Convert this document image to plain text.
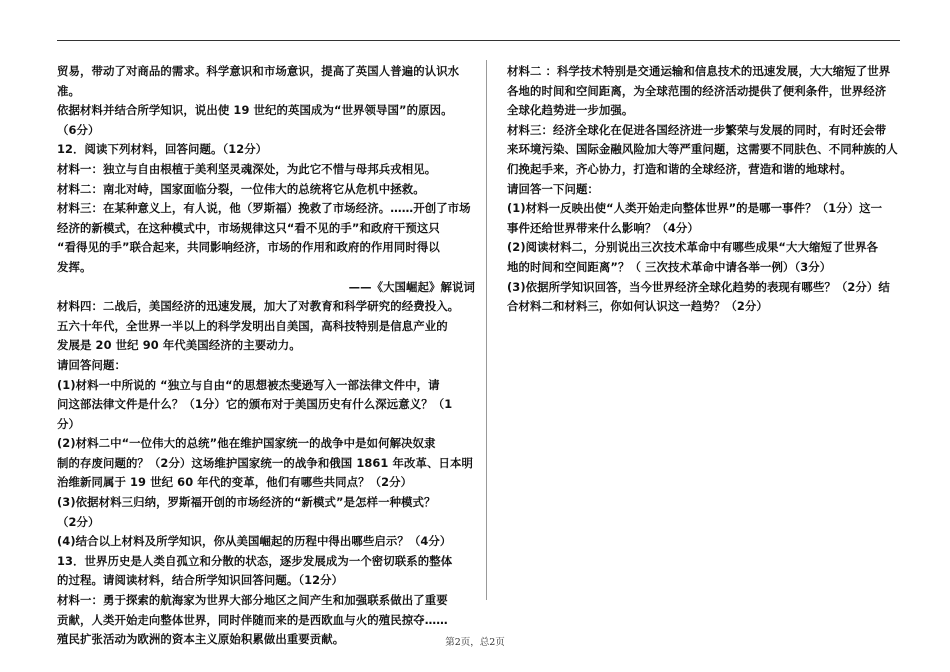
贸易，带动了对商品的需求。科学意识和市场意识，提高了英国人普遍的认识水
准。
依据材料并结合所学知识，说出使 19 世纪的英国成为“世界领导国”的原因。
（6分）
12．阅读下列材料，回答问题。（12分）
材料一：独立与自由根植于美利坚灵魂深处，为此它不惜与母邦兵戎相见。
材料二：南北对峙，国家面临分裂，一位伟大的总统将它从危机中拯救。
材料三：在某种意义上，有人说，他（罗斯福）挽救了市场经济。……开创了市场
经济的新模式，在这种模式中，市场规律这只“看不见的手”和政府干预这只
“看得见的手”联合起来，共同影响经济，市场的作用和政府的作用同时得以
发挥。
——《大国崛起》解说词
材料四：二战后，美国经济的迅速发展，加大了对教育和科学研究的经费投入。
五六十年代，全世界一半以上的科学发明出自美国，高科技特别是信息产业的
发展是 20 世纪 90 年代美国经济的主要动力。
请回答问题：
(1)材料一中所说的 “独立与自由“的思想被杰斐逊写入一部法律文件中，请
问这部法律文件是什么？（1分）它的颁布对于美国历史有什么深远意义？（1
分）
(2)材料二中“一位伟大的总统”他在维护国家统一的战争中是如何解决奴隶
制的存废问题的？（2分）这场维护国家统一的战争和俄国 1861 年改革、日本明
治维新同属于 19 世纪 60 年代的变革，他们有哪些共同点？（2分）
(3)依据材料三归纳，罗斯福开创的市场经济的“新模式”是怎样一种模式？
（2分）
(4)结合以上材料及所学知识，你从美国崛起的历程中得出哪些启示？（4分）
13．世界历史是人类自孤立和分散的状态，逐步发展成为一个密切联系的整体
的过程。请阅读材料，结合所学知识回答问题。（12分）
材料一：勇于探索的航海家为世界大部分地区之间产生和加强联系做出了重要
贡献，人类开始走向整体世界，同时伴随而来的是西欧血与火的殖民掠夺……
殖民扩张活动为欧洲的资本主义原始积累做出重要贡献。
材料二 ：科学技术特别是交通运输和信息技术的迅速发展，大大缩短了世界
各地的时间和空间距离，为全球范围的经济活动提供了便利条件，世界经济
全球化趋势进一步加强。
材料三：经济全球化在促进各国经济进一步繁荣与发展的同时，有时还会带
来环境污染、国际金融风险加大等严重问题，这需要不同肤色、不同种族的人
们挽起手来，齐心协力，打造和谐的全球经济，营造和谐的地球村。
请回答一下问题：
(1)材料一反映出使“人类开始走向整体世界”的是哪一事件？（1分）这一
事件还给世界带来什么影响？（4分）
(2)阅读材料二，分别说出三次技术革命中有哪些成果“大大缩短了世界各
地的时间和空间距离”？（ 三次技术革命中请各举一例）（3分）
(3)依据所学知识回答，当今世界经济全球化趋势的表现有哪些？（2分）结
合材料二和材料三，你如何认识这一趋势？（2分）
第2页，总2页
